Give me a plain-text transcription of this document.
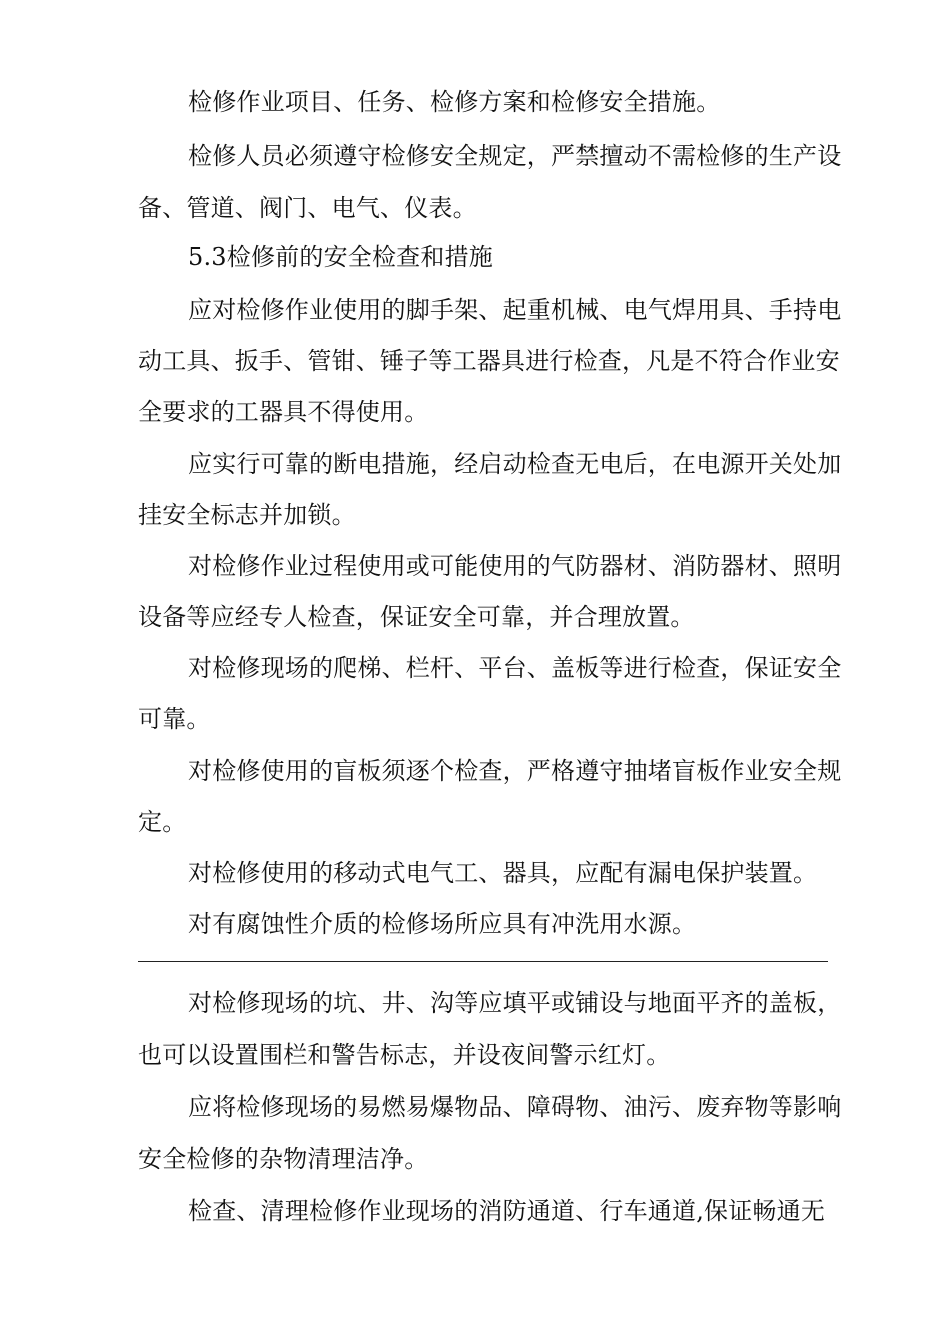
检修作业项目、任务、检修方案和检修安全措施。

检修人员必须遵守检修安全规定，严禁擅动不需检修的生产设

备、管道、阀门、电气、仪表。

5.3检修前的安全检查和措施

应对检修作业使用的脚手架、起重机械、电气焊用具、手持电

动工具、扳手、管钳、锤子等工器具进行检查，凡是不符合作业安

全要求的工器具不得使用。

应实行可靠的断电措施，经启动检查无电后，在电源开关处加

挂安全标志并加锁。

对检修作业过程使用或可能使用的气防器材、消防器材、照明

设备等应经专人检查，保证安全可靠，并合理放置。

对检修现场的爬梯、栏杆、平台、盖板等进行检查，保证安全

可靠。

对检修使用的盲板须逐个检查，严格遵守抽堵盲板作业安全规

定。

对检修使用的移动式电气工、器具，应配有漏电保护装置。

对有腐蚀性介质的检修场所应具有冲洗用水源。

对检修现场的坑、井、沟等应填平或铺设与地面平齐的盖板，

也可以设置围栏和警告标志，并设夜间警示红灯。

应将检修现场的易燃易爆物品、障碍物、油污、废弃物等影响

安全检修的杂物清理洁净。

检查、清理检修作业现场的消防通道、行车通道,保证畅通无
